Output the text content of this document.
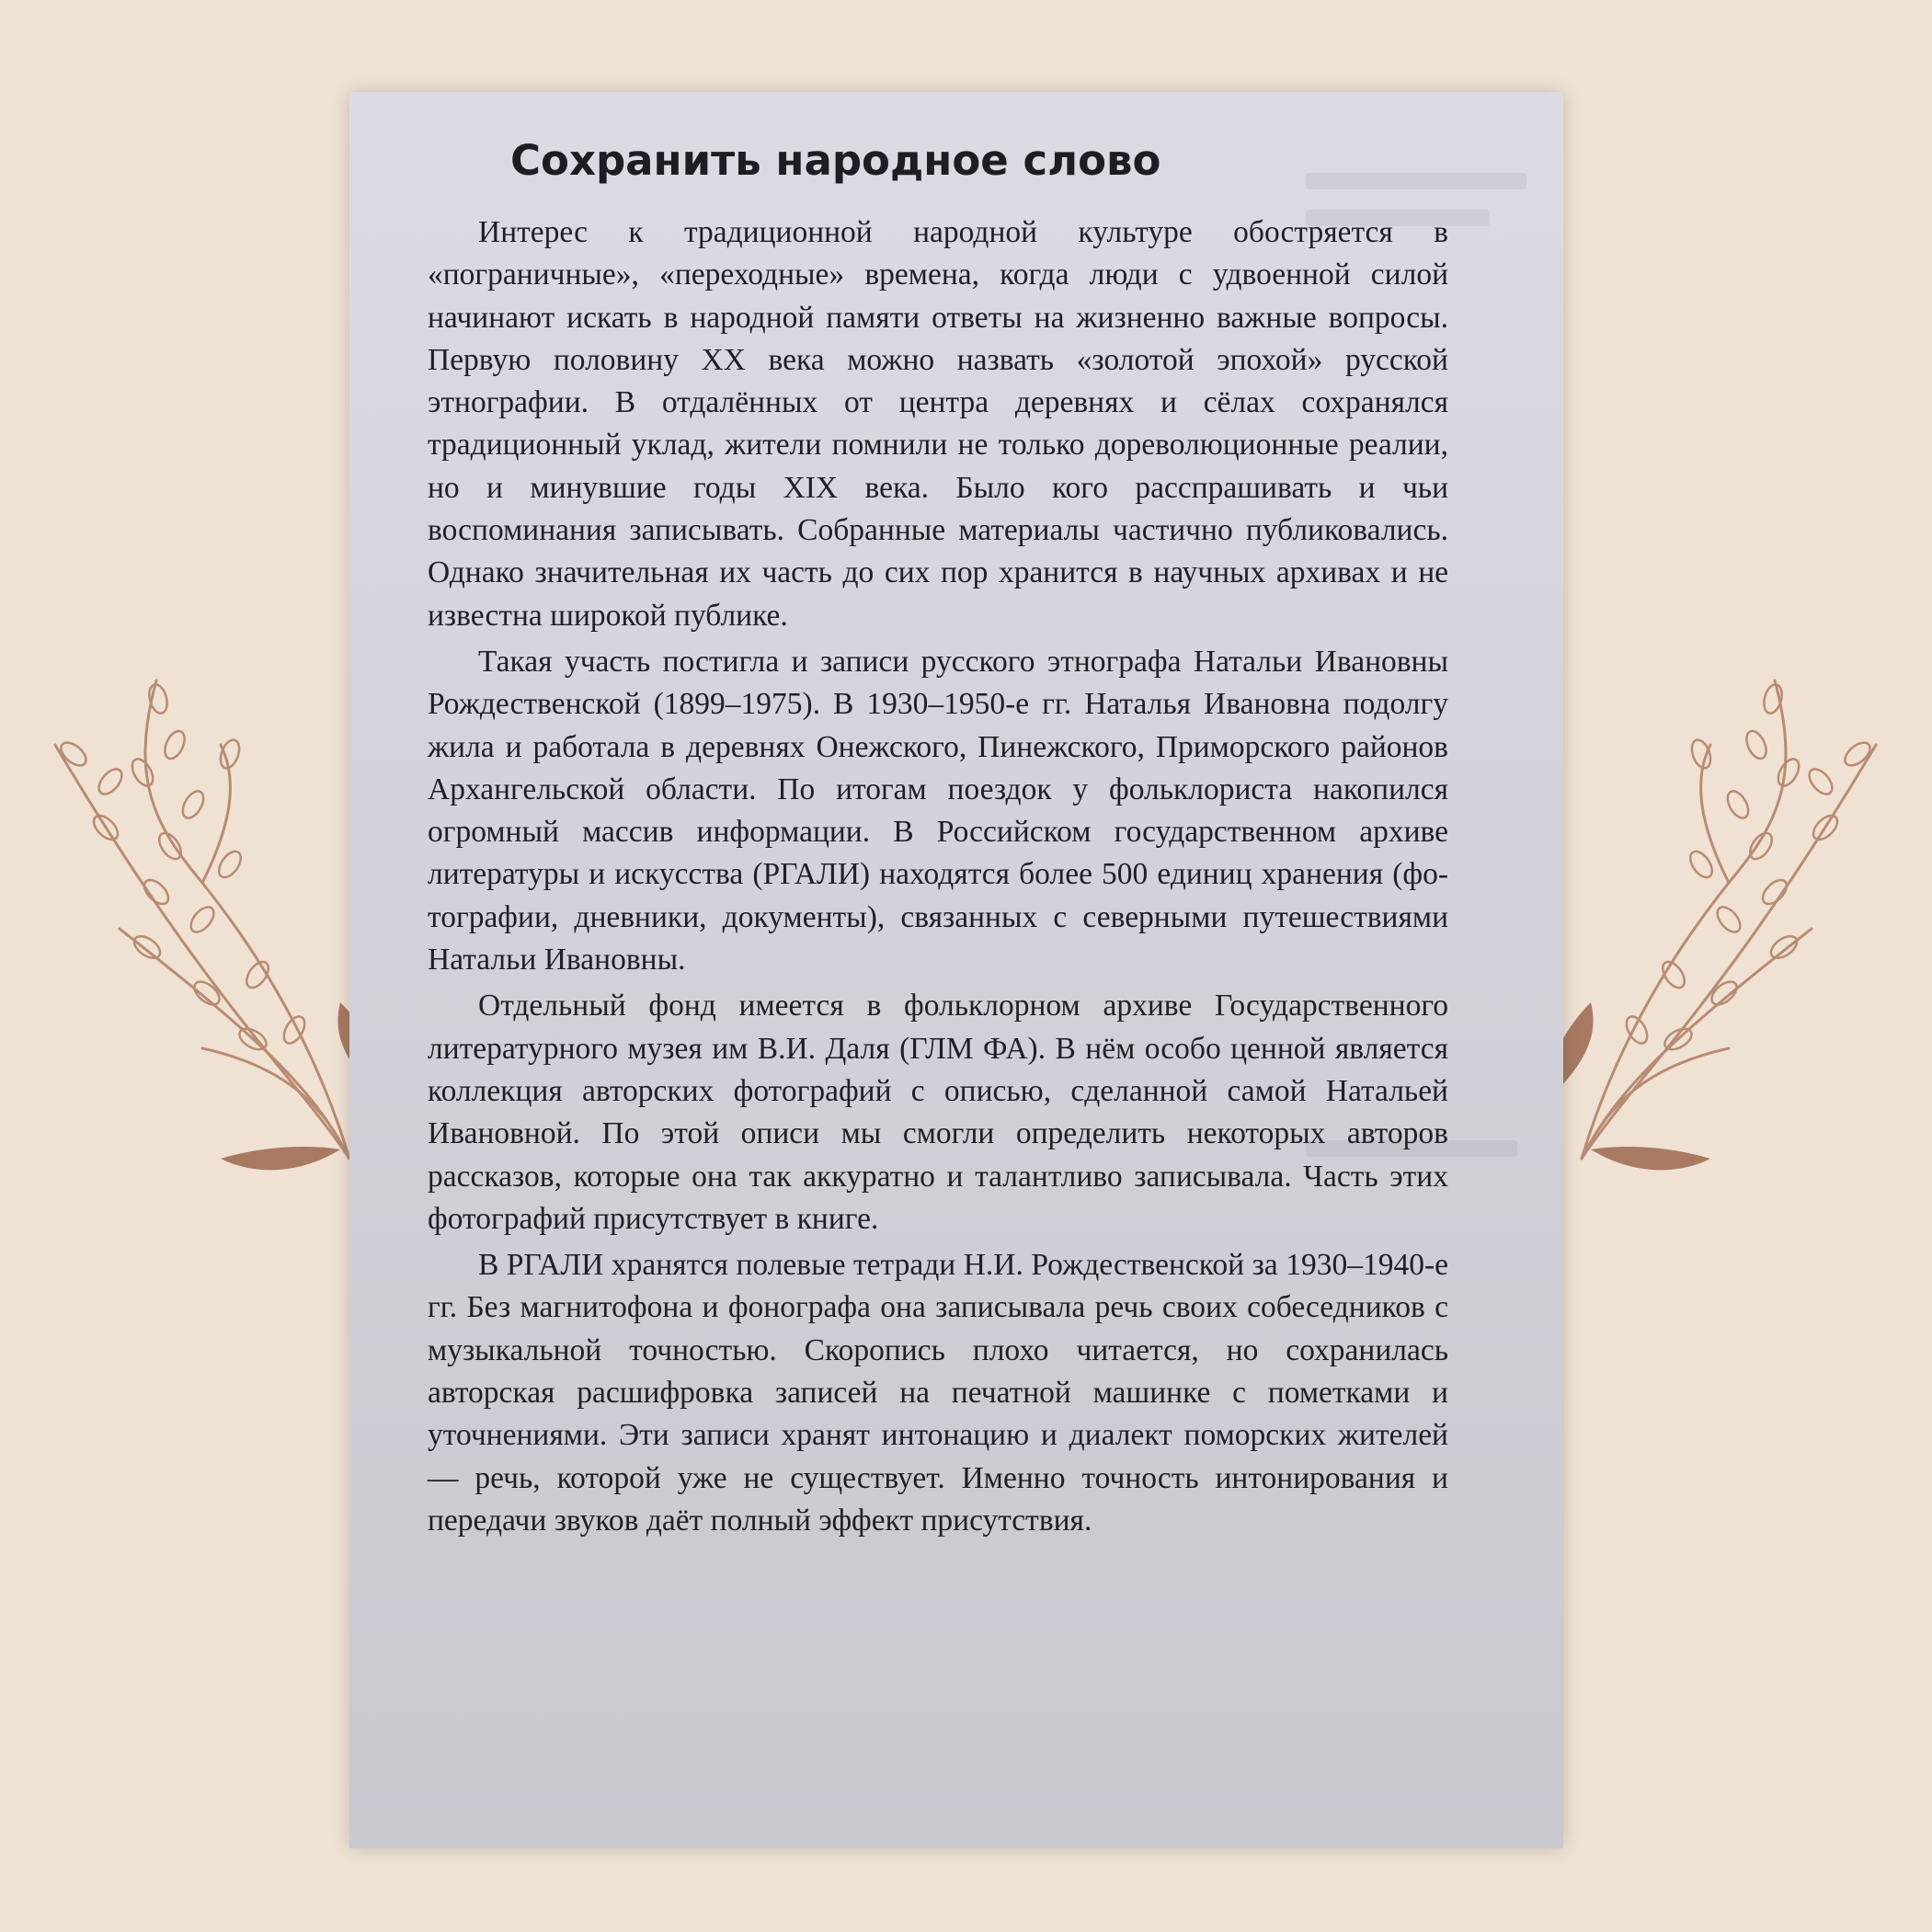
Сохранить народное слово

Интерес к традиционной народной культуре обостряется в «пограничные», «переходные» времена, когда люди с удвоенной силой начинают искать в народной памяти ответы на жизненно важные вопросы. Первую половину XX века можно назвать «золотой эпохой» русской этнографии. В отдалённых от центра деревнях и сёлах сохранялся традиционный уклад, жители помнили не только дореволюционные реалии, но и минувшие годы XIX века. Было кого расспрашивать и чьи воспоминания записывать. Собранные материалы частично публиковались. Однако значительная их часть до сих пор хранится в научных архивах и не известна широкой публике.

Такая участь постигла и записи русского этнографа Натальи Ивановны Рождественской (1899–1975). В 1930–1950-е гг. Наталья Ивановна подолгу жила и работала в деревнях Онежского, Пинежского, Приморского районов Архангельской области. По итогам поездок у фольклориста накопился огромный массив информации. В Российском государственном архиве литературы и искусства (РГАЛИ) находятся более 500 единиц хранения (фотографии, дневники, документы), связанных с северными путешествиями Натальи Ивановны.

Отдельный фонд имеется в фольклорном архиве Государственного литературного музея им В.И. Даля (ГЛМ ФА). В нём особо ценной является коллекция авторских фотографий с описью, сделанной самой Натальей Ивановной. По этой описи мы смогли определить некоторых авторов рассказов, которые она так аккуратно и талантливо записывала. Часть этих фотографий присутствует в книге.

В РГАЛИ хранятся полевые тетради Н.И. Рождественской за 1930–1940-е гг. Без магнитофона и фонографа она записывала речь своих собеседников с музыкальной точностью. Скоропись плохо читается, но сохранилась авторская расшифровка записей на печатной машинке с пометками и уточнениями. Эти записи хранят интонацию и диалект поморских жителей — речь, которой уже не существует. Именно точность интонирования и передачи звуков даёт полный эффект присутствия.
